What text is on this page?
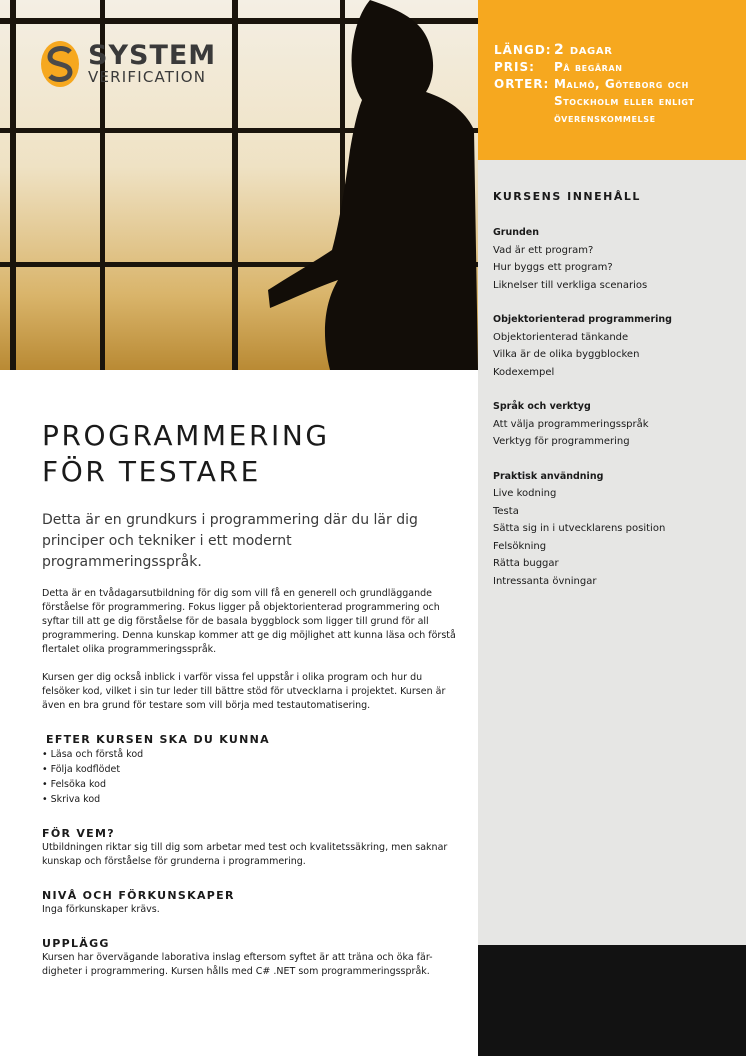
SYSTEM
VERIFICATION
LÄNGD: 2 dagar
PRIS:	På begäran
ORTER: Malmö, Göteborg och Stockholm eller enligt överenskommelse
KURSENS INNEHÅLL
Grunden
Vad är ett program?
Hur byggs ett program?
Liknelser till verkliga scenarios
Objektorienterad programmering
Objektorienterad tänkande
Vilka är de olika byggblocken
Kodexempel
Språk och verktyg
Att välja programmeringsspråk
Verktyg för programmering
Praktisk användning
Live kodning
Testa
Sätta sig in i utvecklarens position
Felsökning
Rätta buggar
Intressanta övningar
PROGRAMMERING
FÖR TESTARE
Detta är en grundkurs i programmering där du lär dig principer och tekniker i ett modernt programmeringsspråk.
Detta är en tvådagarsutbildning för dig som vill få en generell och grundläggande förståelse för programmering. Fokus ligger på objektorienterad programmering och syftar till att ge dig förståelse för de basala byggblock som ligger till grund för all programmering. Denna kunskap kommer att ge dig möjlighet att kunna läsa och förstå flertalet olika programmeringsspråk.
Kursen ger dig också inblick i varför vissa fel uppstår i olika program och hur du felsöker kod, vilket i sin tur leder till bättre stöd för utvecklarna i projektet. Kursen är även en bra grund för testare som vill börja med testautomatisering.
EFTER KURSEN SKA DU KUNNA
• Läsa och förstå kod
• Följa kodflödet
• Felsöka kod
• Skriva kod
FÖR VEM?
Utbildningen riktar sig till dig som arbetar med test och kvalitetssäkring, men saknar kunskap och förståelse för grunderna i programmering.
NIVÅ OCH FÖRKUNSKAPER
Inga förkunskaper krävs.
UPPLÄGG
Kursen har övervägande laborativa inslag eftersom syftet är att träna och öka fär-digheter i programmering. Kursen hålls med C# .NET som programmeringsspråk.
